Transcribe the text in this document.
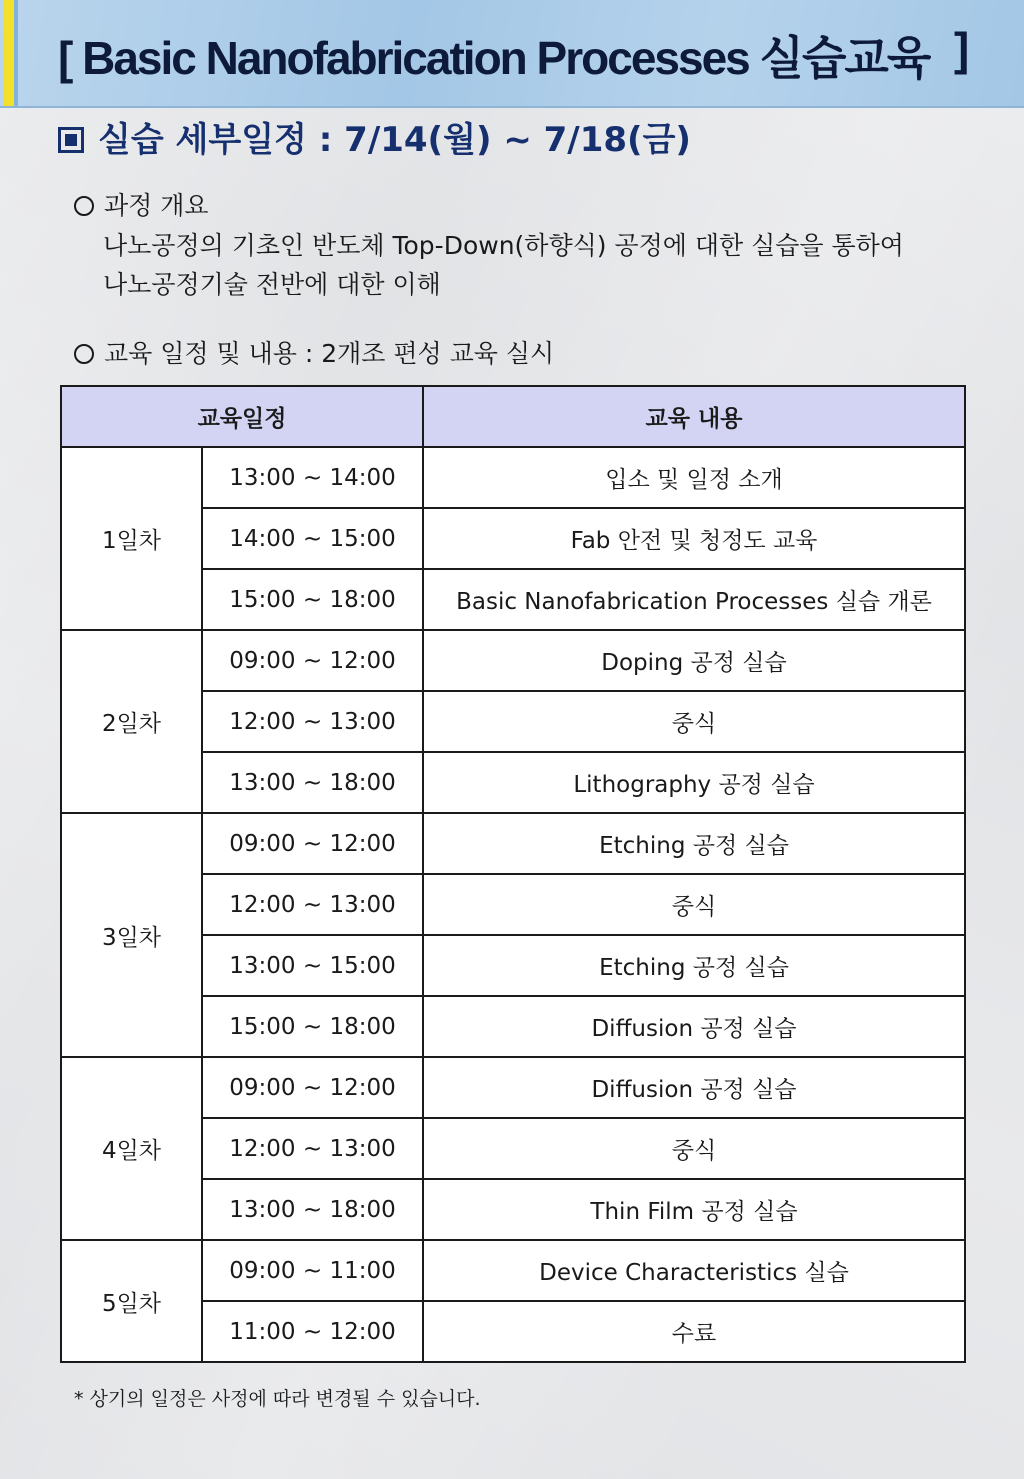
[ Basic Nanofabrication Processes 실습교육 ]
실습 세부일정 : 7/14(월) ~ 7/18(금)
과정 개요
나노공정의 기초인 반도체 Top-Down(하향식) 공정에 대한 실습을 통하여
나노공정기술 전반에 대한 이해
교육 일정 및 내용 : 2개조 편성 교육 실시
교육일정		교육 내용
1일차	13:00 ~ 14:00	입소 및 일정 소개
	14:00 ~ 15:00	Fab 안전 및 청정도 교육
	15:00 ~ 18:00	Basic Nanofabrication Processes 실습 개론
2일차	09:00 ~ 12:00	Doping 공정 실습
	12:00 ~ 13:00	중식
	13:00 ~ 18:00	Lithography 공정 실습
3일차	09:00 ~ 12:00	Etching 공정 실습
	12:00 ~ 13:00	중식
	13:00 ~ 15:00	Etching 공정 실습
	15:00 ~ 18:00	Diffusion 공정 실습
4일차	09:00 ~ 12:00	Diffusion 공정 실습
	12:00 ~ 13:00	중식
	13:00 ~ 18:00	Thin Film 공정 실습
5일차	09:00 ~ 11:00	Device Characteristics 실습
	11:00 ~ 12:00	수료
* 상기의 일정은 사정에 따라 변경될 수 있습니다.
